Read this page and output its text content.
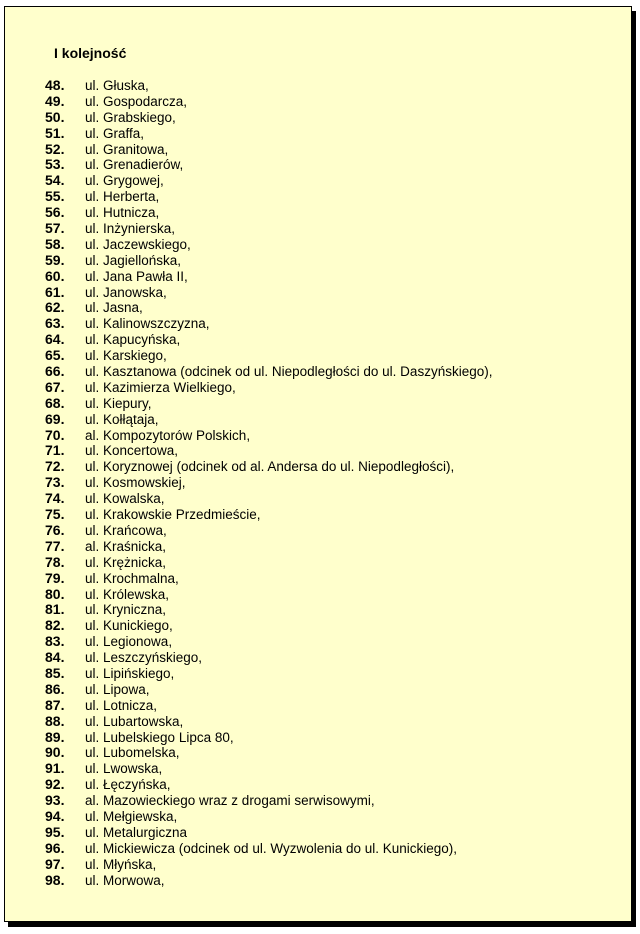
I kolejność
48.	ul. Głuska,
49.	ul. Gospodarcza,
50.	ul. Grabskiego,
51.	ul. Graffa,
52.	ul. Granitowa,
53.	ul. Grenadierów,
54.	ul. Grygowej,
55.	ul. Herberta,
56.	ul. Hutnicza,
57.	ul. Inżynierska,
58.	ul. Jaczewskiego,
59.	ul. Jagiellońska,
60.	ul. Jana Pawła II,
61.	ul. Janowska,
62.	ul. Jasna,
63.	ul. Kalinowszczyzna,
64.	ul. Kapucyńska,
65.	ul. Karskiego,
66.	ul. Kasztanowa (odcinek od ul. Niepodległości do ul. Daszyńskiego),
67.	ul. Kazimierza Wielkiego,
68.	ul. Kiepury,
69.	ul. Kołłątaja,
70.	al. Kompozytorów Polskich,
71.	ul. Koncertowa,
72.	ul. Koryznowej (odcinek od al. Andersa do ul. Niepodległości),
73.	ul. Kosmowskiej,
74.	ul. Kowalska,
75.	ul. Krakowskie Przedmieście,
76.	ul. Krańcowa,
77.	al. Kraśnicka,
78.	ul. Krężnicka,
79.	ul. Krochmalna,
80.	ul. Królewska,
81.	ul. Kryniczna,
82.	ul. Kunickiego,
83.	ul. Legionowa,
84.	ul. Leszczyńskiego,
85.	ul. Lipińskiego,
86.	ul. Lipowa,
87.	ul. Lotnicza,
88.	ul. Lubartowska,
89.	ul. Lubelskiego Lipca 80,
90.	ul. Lubomelska,
91.	ul. Lwowska,
92.	ul. Łęczyńska,
93.	al. Mazowieckiego wraz z drogami serwisowymi,
94.	ul. Mełgiewska,
95.	ul. Metalurgiczna
96.	ul. Mickiewicza (odcinek od ul. Wyzwolenia do ul. Kunickiego),
97.	ul. Młyńska,
98.	ul. Morwowa,
